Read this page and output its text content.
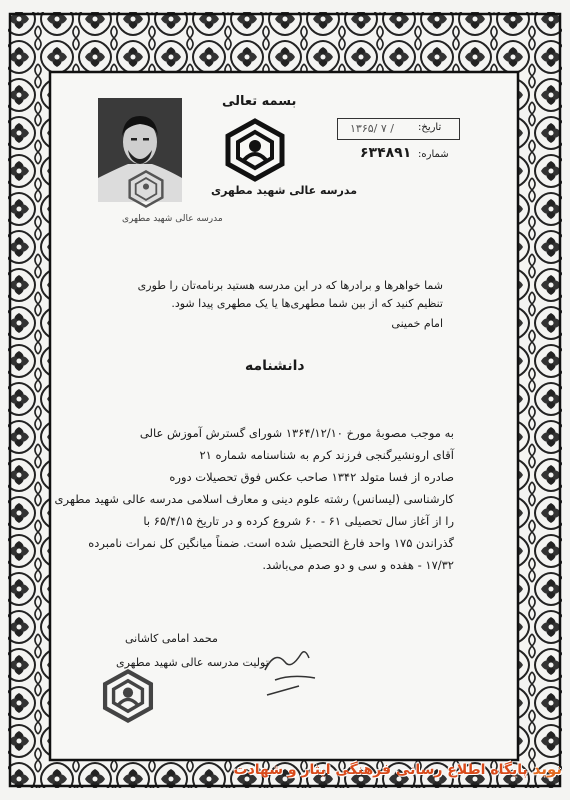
بسمه تعالی
مدرسه عالی شهید مطهری
تاریخ:
۱۳۶۵/ ۷ /
شماره:
۶۳۴۸۹۱
مدرسه عالی شهید مطهری
شما خواهرها و برادرها که در این مدرسه هستید برنامه‌تان را طوری
تنظیم کنید که از بین شما مطهری‌ها یا یک مطهری پیدا شود.
امام خمینی
دانشنامه
به موجب مصوبهٔ مورخ ۱۳۶۴/۱۲/۱۰ شورای گسترش آموزش عالی
آقای ارونشیرگنجی فرزند کرم به شناسنامه شماره ۲۱
صادره از فسا متولد ۱۳۴۲ صاحب عکس فوق تحصیلات دوره
کارشناسی (لیسانس) رشته علوم دینی و معارف اسلامی مدرسه عالی شهید مطهری
را از آغاز سال تحصیلی ۶۱ - ۶۰ شروع کرده و در تاریخ ۶۵/۴/۱۵ با
گذراندن ۱۷۵ واحد فارغ التحصیل شده است. ضمناً میانگین کل نمرات نامبرده
۱۷/۳۲ - هفده و سی و دو صدم می‌باشد.
محمد امامی کاشانی
تولیت مدرسه عالی شهید مطهری
نوید پایگاه اطلاع رسانی فرهنگی ایثار و شهادت
